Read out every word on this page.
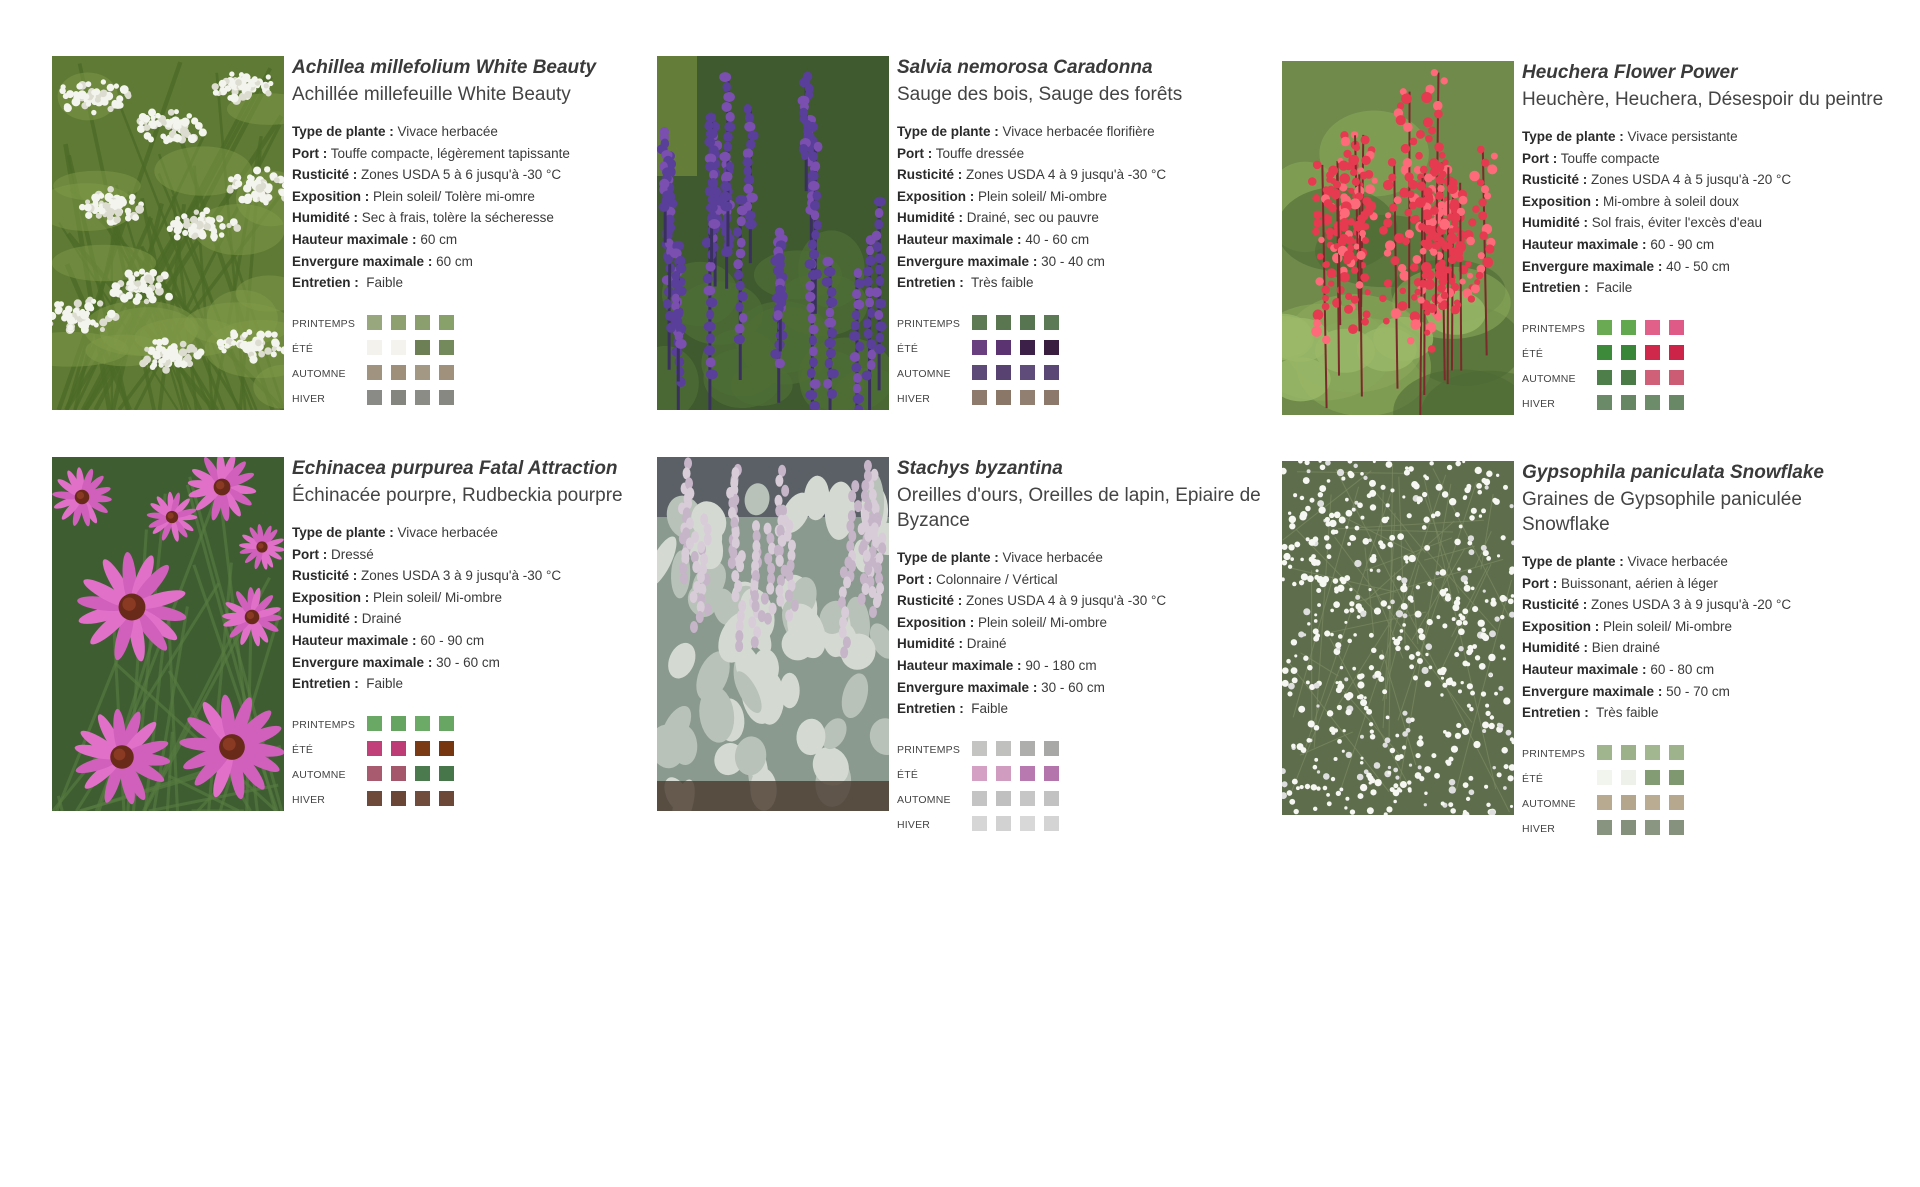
Achillea millefolium White Beauty
Achillée millefeuille White Beauty
Type de plante : Vivace herbacée
Port : Touffe compacte, légèrement tapissante
Rusticité : Zones USDA 5 à 6 jusqu'à -30 °C
Exposition : Plein soleil/ Tolère mi-omre
Humidité : Sec à frais, tolère la sécheresse
Hauteur maximale : 60 cm
Envergure maximale : 60 cm
Entretien : Faible
PRINTEMPS
ÉTÉ
AUTOMNE
HIVER
Salvia nemorosa Caradonna
Sauge des bois, Sauge des forêts
Type de plante : Vivace herbacée florifière
Port : Touffe dressée
Rusticité : Zones USDA 4 à 9 jusqu'à -30 °C
Exposition : Plein soleil/ Mi-ombre
Humidité : Drainé, sec ou pauvre
Hauteur maximale : 40 - 60 cm
Envergure maximale : 30 - 40 cm
Entretien : Très faible
PRINTEMPS
ÉTÉ
AUTOMNE
HIVER
Heuchera Flower Power
Heuchère, Heuchera, Désespoir du peintre
Type de plante : Vivace persistante
Port : Touffe compacte
Rusticité : Zones USDA 4 à 5 jusqu'à -20 °C
Exposition : Mi-ombre à soleil doux
Humidité : Sol frais, éviter l'excès d'eau
Hauteur maximale : 60 - 90 cm
Envergure maximale : 40 - 50 cm
Entretien : Facile
PRINTEMPS
ÉTÉ
AUTOMNE
HIVER
Echinacea purpurea Fatal Attraction
Échinacée pourpre, Rudbeckia pourpre
Type de plante : Vivace herbacée
Port : Dressé
Rusticité : Zones USDA 3 à 9 jusqu'à -30 °C
Exposition : Plein soleil/ Mi-ombre
Humidité : Drainé
Hauteur maximale : 60 - 90 cm
Envergure maximale : 30 - 60 cm
Entretien : Faible
PRINTEMPS
ÉTÉ
AUTOMNE
HIVER
Stachys byzantina
Oreilles d'ours, Oreilles de lapin, Epiaire de Byzance
Type de plante : Vivace herbacée
Port : Colonnaire / Vértical
Rusticité : Zones USDA 4 à 9 jusqu'à -30 °C
Exposition : Plein soleil/ Mi-ombre
Humidité : Drainé
Hauteur maximale : 90 - 180 cm
Envergure maximale : 30 - 60 cm
Entretien : Faible
PRINTEMPS
ÉTÉ
AUTOMNE
HIVER
Gypsophila paniculata Snowflake
Graines de Gypsophile paniculée Snowflake
Type de plante : Vivace herbacée
Port : Buissonant, aérien à léger
Rusticité : Zones USDA 3 à 9 jusqu'à -20 °C
Exposition : Plein soleil/ Mi-ombre
Humidité : Bien drainé
Hauteur maximale : 60 - 80 cm
Envergure maximale : 50 - 70 cm
Entretien : Très faible
PRINTEMPS
ÉTÉ
AUTOMNE
HIVER
